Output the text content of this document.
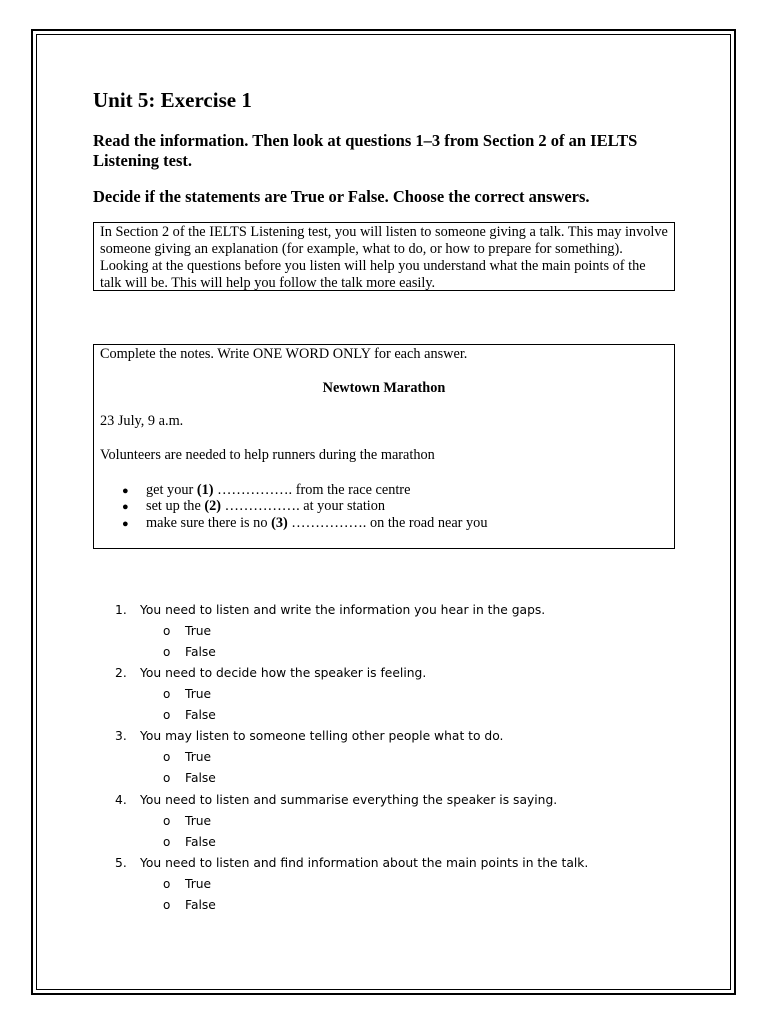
Unit 5: Exercise 1

Read the information. Then look at questions 1–3 from Section 2 of an IELTS Listening test.

Decide if the statements are True or False. Choose the correct answers.

In Section 2 of the IELTS Listening test, you will listen to someone giving a talk. This may involve someone giving an explanation (for example, what to do, or how to prepare for something). Looking at the questions before you listen will help you understand what the main points of the talk will be. This will help you follow the talk more easily.

Complete the notes. Write ONE WORD ONLY for each answer.

Newtown Marathon

23 July, 9 a.m.

Volunteers are needed to help runners during the marathon

● get your (1) ……………. from the race centre

● set up the (2) ……………. at your station

● make sure there is no (3) ……………. on the road near you

1. You need to listen and write the information you hear in the gaps.
o True
o False
2. You need to decide how the speaker is feeling.
o True
o False
3. You may listen to someone telling other people what to do.
o True
o False
4. You need to listen and summarise everything the speaker is saying.
o True
o False
5. You need to listen and find information about the main points in the talk.
o True
o False
